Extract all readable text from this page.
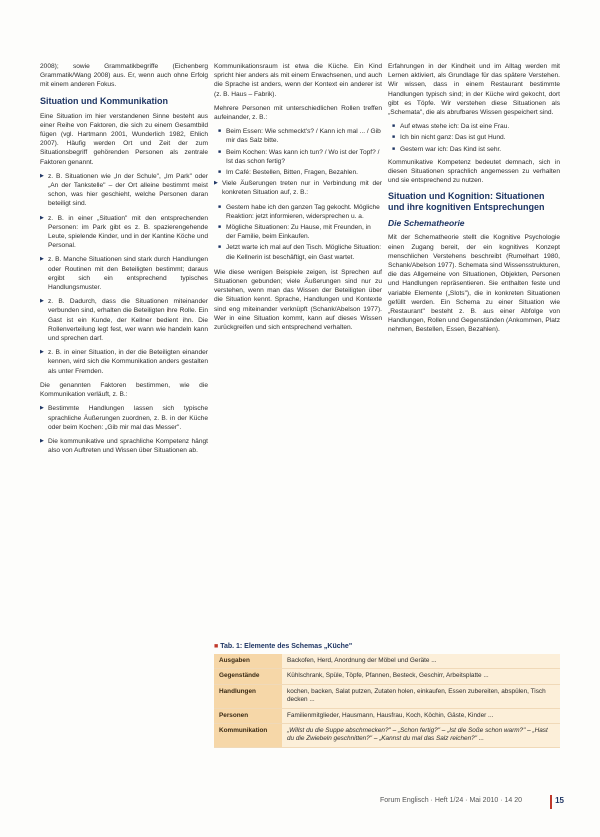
2008); sowie Grammatikbegriffe (Eichenberg Grammatik/Wang 2008) aus. Er, wenn auch ohne Erfolg mit einem anderen Fokus.

Situation und Kommunikation

Eine Situation im hier verstandenen Sinne besteht aus einer Reihe von Faktoren, die sich zu einem Gesamtbild fügen (vgl. Hartmann 2001, Wunderlich 1982, Ehlich 2007). Häufig werden Ort und Zeit der zum Situationsbegriff gehörenden Personen als zentrale Faktoren genannt.

▶ z. B. Situationen wie „In der Schule", „Im Park" oder „An der Tankstelle" – der Ort alleine bestimmt meist schon, was hier geschieht, welche Personen daran beteiligt sind.
▶ z. B. in einer „Situation" mit den entsprechenden Personen: im Park gibt es z. B. spazierengehende Leute, spielende Kinder, und in der Kantine Köche und Personal.
▶ z. B. Manche Situationen sind stark durch Handlungen oder Routinen mit den Beteiligten bestimmt; daraus ergibt sich ein entsprechend typisches Handlungsmuster.
▶ z. B. Dadurch, dass die Situationen miteinander verbunden sind, erhalten die Beteiligten ihre Rolle. Ein Gast ist ein Kunde, der Kellner bedient ihn. Die Rollenverteilung legt fest, wer wann wie handeln kann und sprechen darf.
▶ z. B. in einer Situation, in der die Beteiligten einander kennen, wird sich die Kommunikation anders gestalten als unter Fremden.

Die genannten Faktoren bestimmen, wie die Kommunikation verläuft, z. B.:

▶ Bestimmte Handlungen lassen sich typische sprachliche Äußerungen zuordnen, z. B. in der Küche oder beim Kochen: „Gib mir mal das Messer".
▶ Die kommunikative und sprachliche Kompetenz hängt also von Auftreten und Wissen über Situationen ab.

Kommunikationsraum ist etwa die Küche. Ein Kind spricht hier anders als mit einem Erwachsenen, und auch die Sprache ist anders, wenn der Kontext ein anderer ist (z. B. Haus – Fabrik).

Mehrere Personen mit unterschiedlichen Rollen treffen aufeinander, z. B.:

■ Beim Essen: Wie schmeckt's? / Kann ich mal ... / Gib mir das Salz bitte.
■ Beim Kochen: Was kann ich tun? / Wo ist der Topf? / Ist das schon fertig?
■ Im Café: Bestellen, Bitten, Fragen, Bezahlen.
▶ Viele Äußerungen treten nur in Verbindung mit der konkreten Situation auf, z. B.:
■ Gestern habe ich den ganzen Tag gekocht. Mögliche Reaktion: jetzt informieren, widersprechen u. a.
■ Mögliche Situationen: Zu Hause, mit Freunden, in der Familie, beim Einkaufen.
■ Jetzt warte ich mal auf den Tisch. Mögliche Situation: die Kellnerin ist beschäftigt, ein Gast wartet.

Wie diese wenigen Beispiele zeigen, ist Sprechen auf Situationen gebunden; viele Äußerungen sind nur zu verstehen, wenn man das Wissen der Beteiligten über die Situation kennt. Sprache, Handlungen und Kontexte sind eng miteinander verknüpft (Schank/Abelson 1977). Wer in eine Situation kommt, kann auf dieses Wissen zurückgreifen und sich entsprechend verhalten.

Erfahrungen in der Kindheit und im Alltag werden mit Lernen aktiviert, als Grundlage für das spätere Verstehen. Wir wissen, dass in einem Restaurant bestimmte Handlungen typisch sind; in der Küche wird gekocht, dort gibt es Töpfe. Wir verstehen diese Situationen als „Schemata", die als abrufbares Wissen gespeichert sind.

■ Auf etwas stehe ich: Da ist eine Frau.
■ Ich bin nicht ganz: Das ist gut Hund.
■ Gestern war ich: Das Kind ist sehr.

Kommunikative Kompetenz bedeutet demnach, sich in diesen Situationen sprachlich angemessen zu verhalten und sie entsprechend zu nutzen.

Situation und Kognition: Situationen und ihre kognitiven Entsprechungen
Die Schematheorie

Mit der Schematheorie stellt die Kognitive Psychologie einen Zugang bereit, der ein kognitives Konzept menschlichen Verstehens beschreibt (Rumelhart 1980, Schank/Abelson 1977). Schemata sind Wissensstrukturen, die das Allgemeine von Situationen, Objekten, Personen und Handlungen repräsentieren. Sie enthalten feste und variable Elemente („Slots"), die in konkreten Situationen gefüllt werden. Ein Schema zu einer Situation wie „Restaurant" besteht z. B. aus einer Abfolge von Handlungen, Rollen und Gegenständen (Ankommen, Platz nehmen, Bestellen, Essen, Bezahlen).

■ Tab. 1: Elemente des Schemas „Küche"
Ausgaben	Backofen, Herd, Anordnung der Möbel und Geräte ...
Gegenstände	Kühlschrank, Spüle, Töpfe, Pfannen, Besteck, Geschirr, Arbeitsplatte ...
Handlungen	kochen, backen, Salat putzen, Zutaten holen, einkaufen, Essen zubereiten, abspülen, Tisch decken ...
Personen	Familienmitglieder, Hausmann, Hausfrau, Koch, Köchin, Gäste, Kinder ...
Kommunikation	„Willst du die Suppe abschmecken?" – „Schon fertig?" – „Ist die Soße schon warm?" – „Hast du die Zwiebeln geschnitten?" – „Kannst du mal das Salz reichen?" ...
Forum Englisch · Heft 1/24 · Mai 2010 · 14 20	15
